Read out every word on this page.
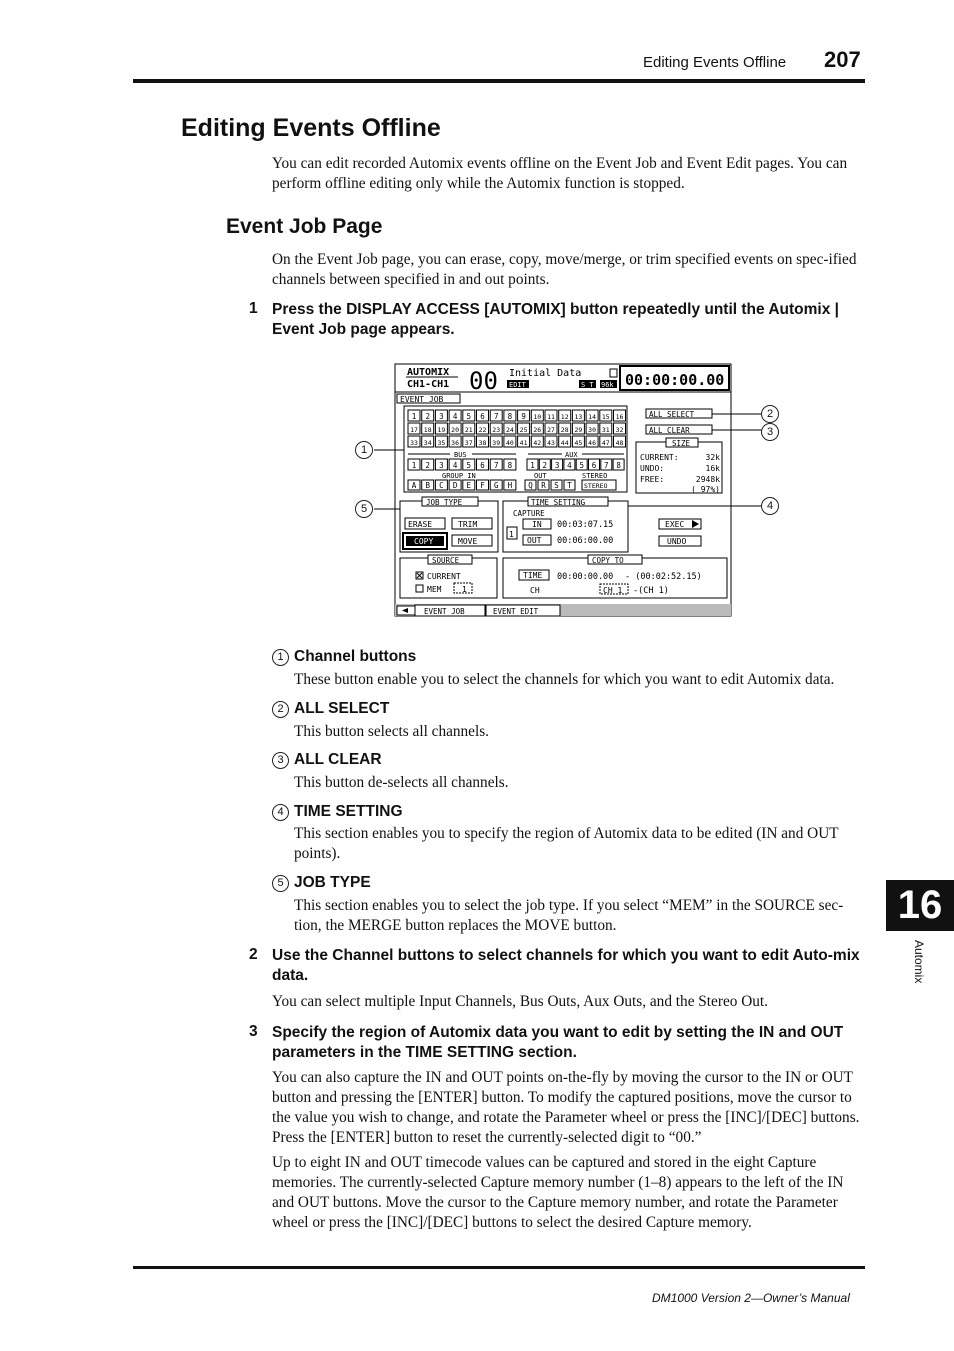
Editing Events Offline 207
Editing Events Offline

You can edit recorded Automix events offline on the Event Job and Event Edit pages. You can perform offline editing only while the Automix function is stopped.

Event Job Page

On the Event Job page, you can erase, copy, move/merge, or trim specified events on spec-ified channels between specified in and out points.

1 Press the DISPLAY ACCESS [AUTOMIX] button repeatedly until the Automix | Event Job page appears.
AUTOMIX
CH1-CH1 00 Initial Data
EDIT	S T 96k 00:00:00.00
EVENT JOB
1 2 3 4 5 6 7 8 9 10 11 12 13 14 15 16
17 18 19 20 21 22 23 24 25 26 27 28 29 30 31 32
33 34 35 36 37 38 39 40 41 42 43 44 45 46 47 48
BUS	AUX
1 2 3 4 5 6 7 8 1 2 3 4 5 6 7 8
GROUP IN	OUT	STEREO
A B C D E F G H Q R S T STEREO
ALL SELECT
ALL CLEAR
SIZE
CURRENT:	32k
UNDO:	16k
FREE:	2948k
( 97%)
JOB TYPE
ERASE	TRIM
COPY	MOVE
TIME SETTING
CAPTURE
1
IN 00:03:07.15
OUT 00:06:00.00
EXEC
UNDO
SOURCE
CURRENT
MEM	1
COPY TO
TIME 00:00:00.00 - (00:02:52.15)
CH	CH 1 -(CH 1)
EVENT JOB	EVENT EDIT
1
5
2
3
4
1 Channel buttons

These button enable you to select the channels for which you want to edit Automix data.

2 ALL SELECT

This button selects all channels.

3 ALL CLEAR

This button de-selects all channels.

4 TIME SETTING

This section enables you to specify the region of Automix data to be edited (IN and OUT points).

5 JOB TYPE

This section enables you to select the job type. If you select “MEM” in the SOURCE sec-tion, the MERGE button replaces the MOVE button.

2 Use the Channel buttons to select channels for which you want to edit Auto-mix data.

You can select multiple Input Channels, Bus Outs, Aux Outs, and the Stereo Out.

3 Specify the region of Automix data you want to edit by setting the IN and OUT parameters in the TIME SETTING section.

You can also capture the IN and OUT points on-the-fly by moving the cursor to the IN or OUT button and pressing the [ENTER] button. To modify the captured positions, move the cursor to the value you wish to change, and rotate the Parameter wheel or press the [INC]/[DEC] buttons. Press the [ENTER] button to reset the currently-selected digit to “00.”

Up to eight IN and OUT timecode values can be captured and stored in the eight Capture memories. The currently-selected Capture memory number (1–8) appears to the left of the IN and OUT buttons. Move the cursor to the Capture memory number, and rotate the Parameter wheel or press the [INC]/[DEC] buttons to select the desired Capture memory.

16
Automix
DM1000 Version 2—Owner’s Manual
